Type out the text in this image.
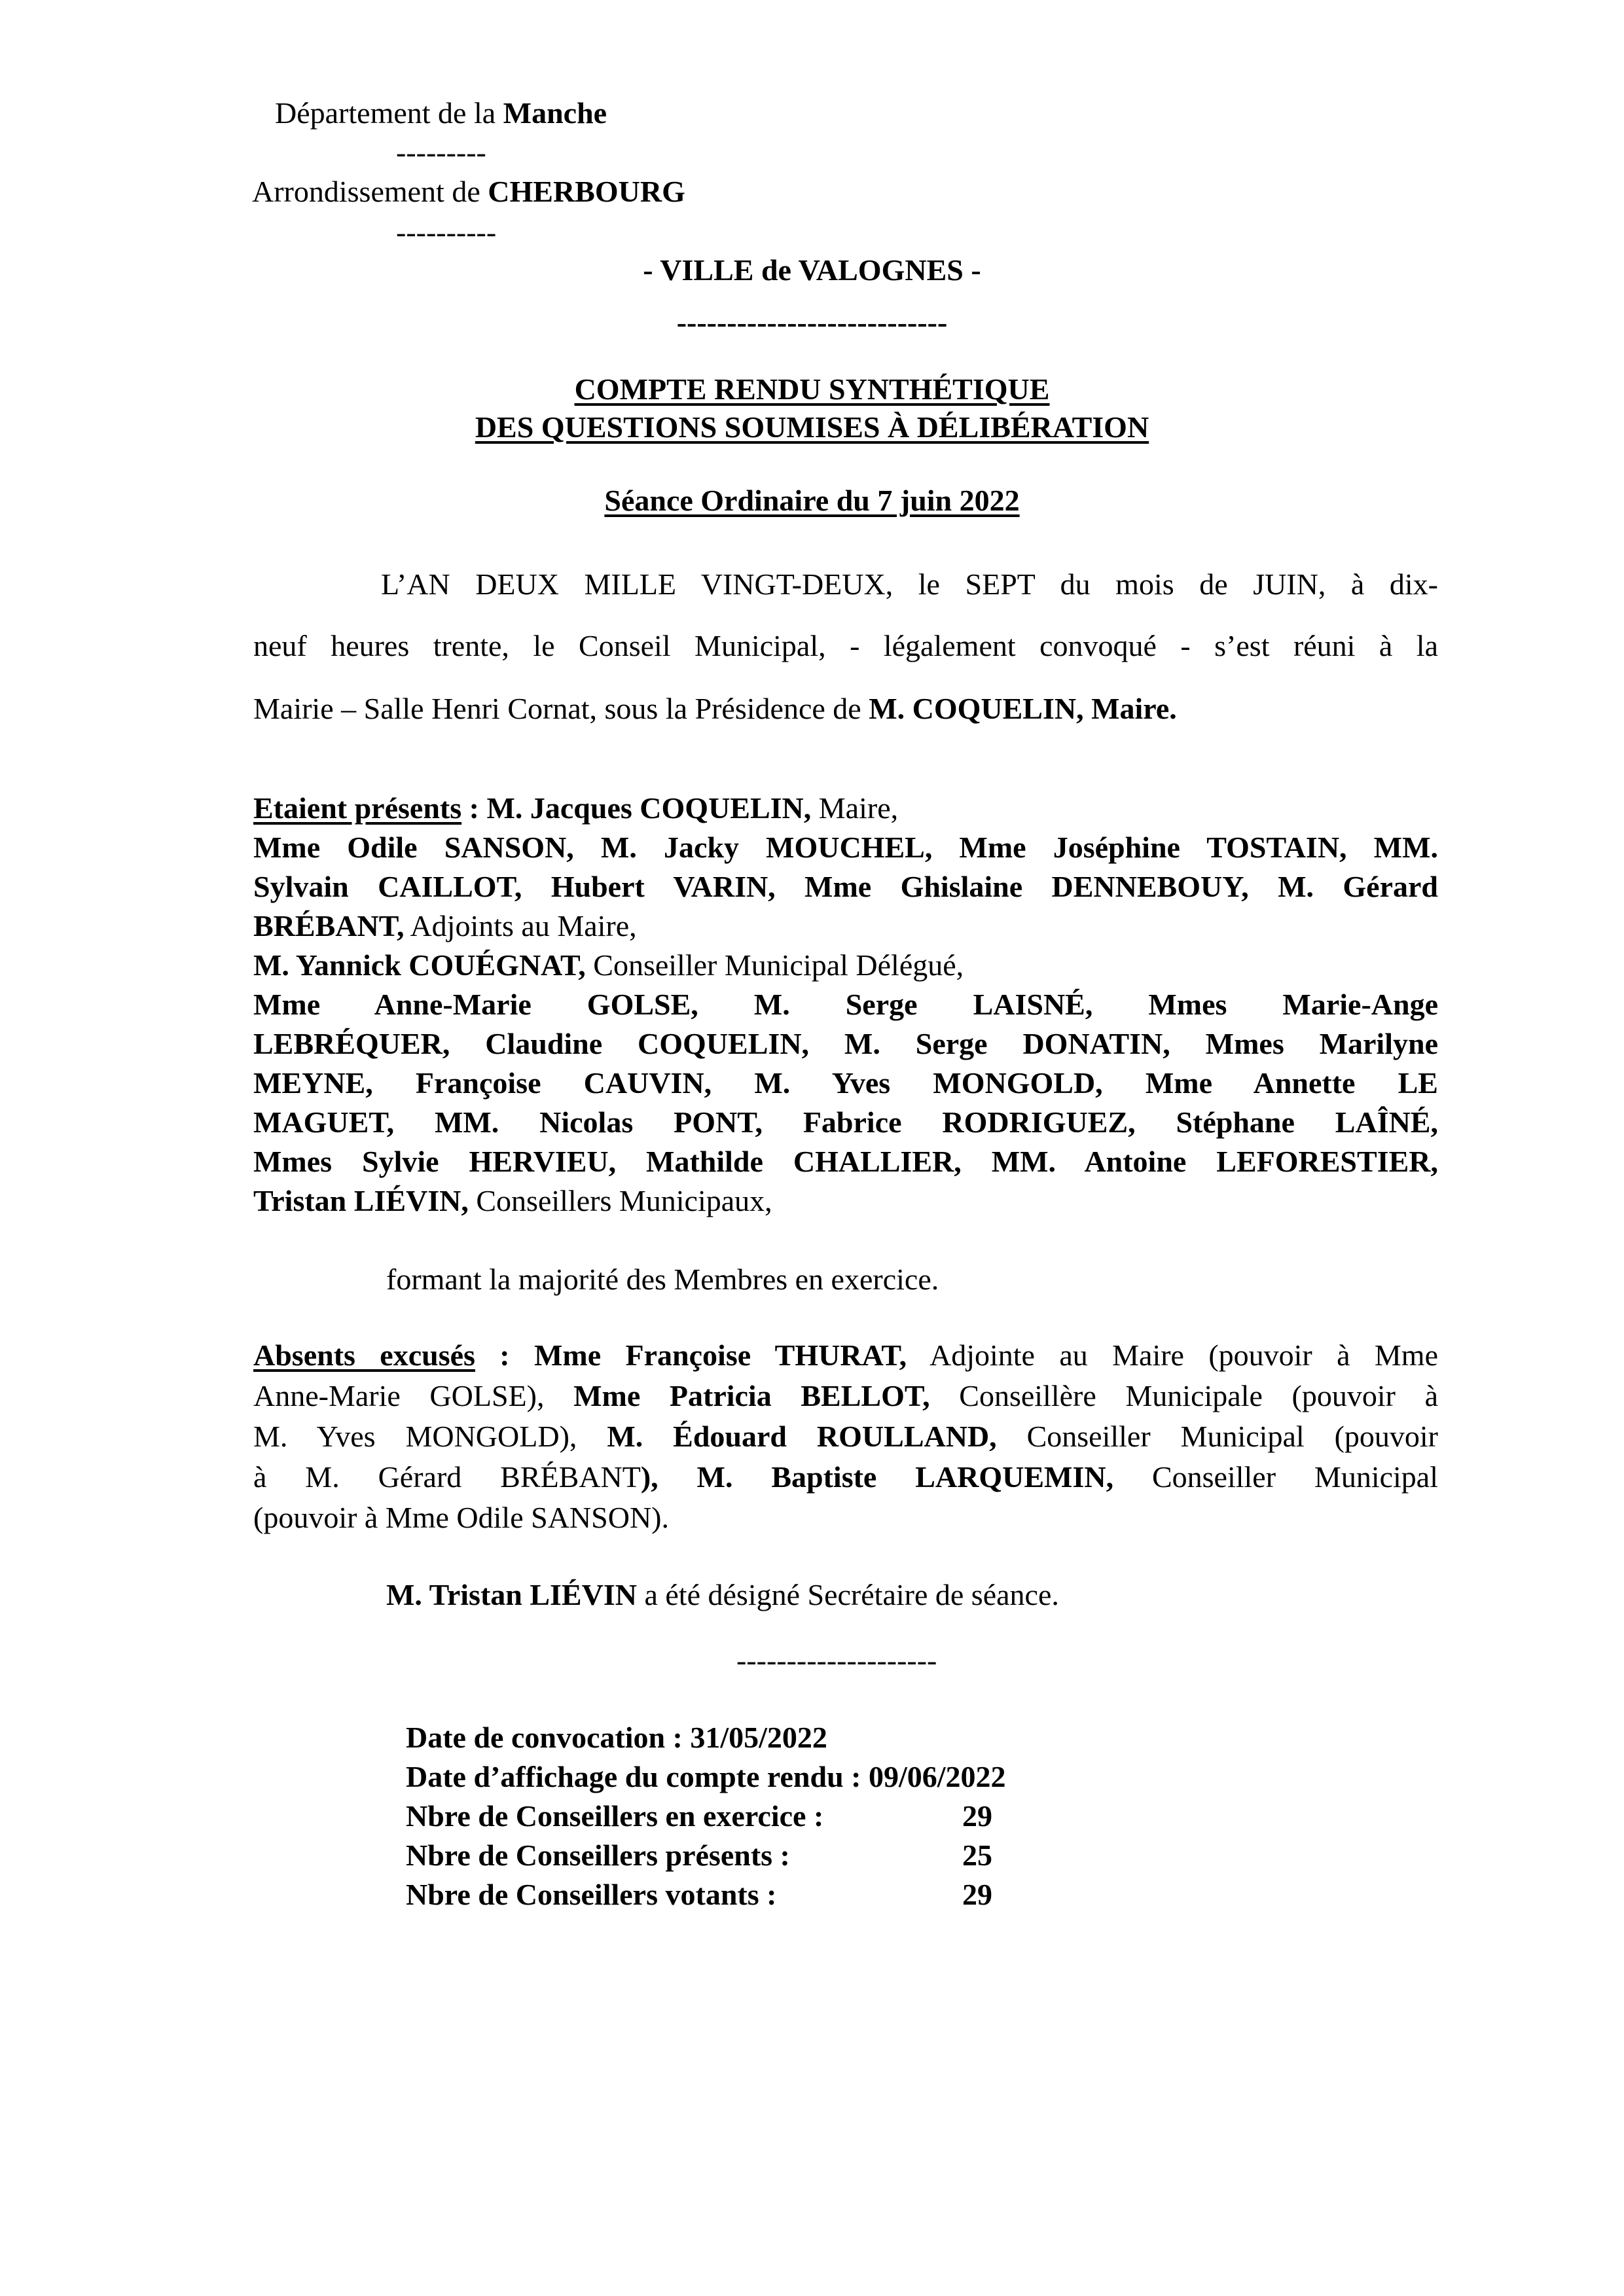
Département de la Manche
---------
Arrondissement de CHERBOURG
----------
- VILLE de VALOGNES -
---------------------------
COMPTE RENDU SYNTHÉTIQUE
DES QUESTIONS SOUMISES À DÉLIBÉRATION
Séance Ordinaire du 7 juin 2022
L’AN DEUX MILLE VINGT-DEUX, le SEPT du mois de JUIN, à dix-
neuf heures trente, le Conseil Municipal, - légalement convoqué - s’est réuni à la
Mairie – Salle Henri Cornat, sous la Présidence de M. COQUELIN, Maire.
Etaient présents : M. Jacques COQUELIN, Maire,
Mme Odile SANSON, M. Jacky MOUCHEL, Mme Joséphine TOSTAIN, MM.
Sylvain CAILLOT, Hubert VARIN, Mme Ghislaine DENNEBOUY, M. Gérard
BRÉBANT, Adjoints au Maire,
M. Yannick COUÉGNAT, Conseiller Municipal Délégué,
Mme Anne-Marie GOLSE, M. Serge LAISNÉ, Mmes Marie-Ange
LEBRÉQUER, Claudine COQUELIN, M. Serge DONATIN, Mmes Marilyne
MEYNE, Françoise CAUVIN, M. Yves MONGOLD, Mme Annette LE
MAGUET, MM. Nicolas PONT, Fabrice RODRIGUEZ, Stéphane LAÎNÉ,
Mmes Sylvie HERVIEU, Mathilde CHALLIER, MM. Antoine LEFORESTIER,
Tristan LIÉVIN, Conseillers Municipaux,
formant la majorité des Membres en exercice.
Absents excusés : Mme Françoise THURAT, Adjointe au Maire (pouvoir à Mme
Anne-Marie GOLSE), Mme Patricia BELLOT, Conseillère Municipale (pouvoir à
M. Yves MONGOLD), M. Édouard ROULLAND, Conseiller Municipal (pouvoir
à M. Gérard BRÉBANT), M. Baptiste LARQUEMIN, Conseiller Municipal
(pouvoir à Mme Odile SANSON).
M. Tristan LIÉVIN a été désigné Secrétaire de séance.
--------------------
Date de convocation : 31/05/2022
Date d’affichage du compte rendu : 09/06/2022
Nbre de Conseillers en exercice :	29
Nbre de Conseillers présents :	25
Nbre de Conseillers votants :	29
